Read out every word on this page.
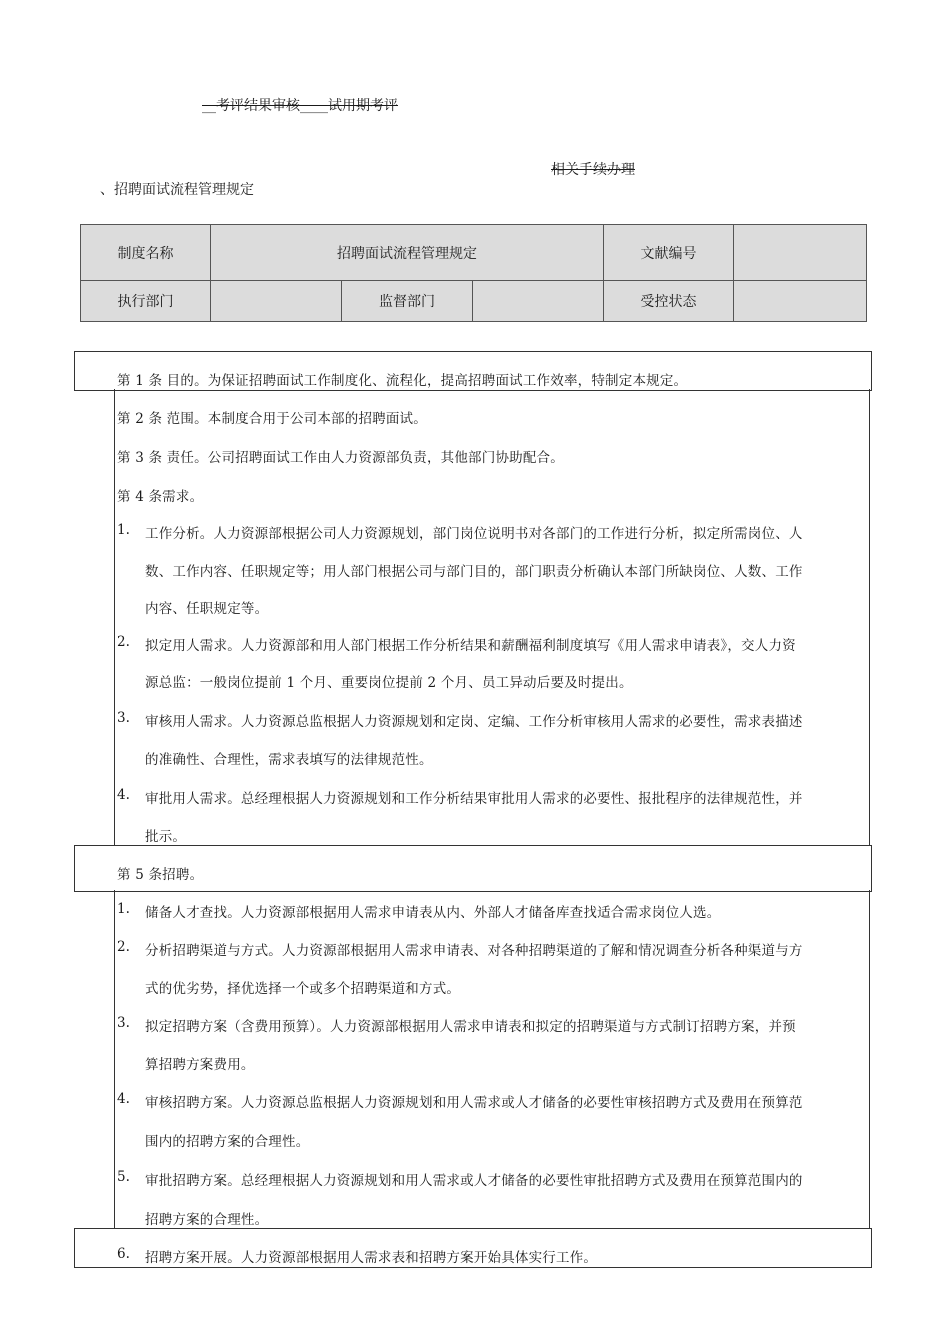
__考评结果审核____试用期考评
相关手续办理
、招聘面试流程管理规定
制度名称	招聘面试流程管理规定			文献编号	
执行部门		监督部门		受控状态	
第 1 条 目的。为保证招聘面试工作制度化、流程化，提高招聘面试工作效率，特制定本规定。
第 2 条 范围。本制度合用于公司本部的招聘面试。
第 3 条 责任。公司招聘面试工作由人力资源部负责，其他部门协助配合。
第 4 条需求。
1. 工作分析。人力资源部根据公司人力资源规划，部门岗位说明书对各部门的工作进行分析，拟定所需岗位、人
数、工作内容、任职规定等；用人部门根据公司与部门目的，部门职责分析确认本部门所缺岗位、人数、工作
内容、任职规定等。
2. 拟定用人需求。人力资源部和用人部门根据工作分析结果和薪酬福利制度填写《用人需求申请表》，交人力资
源总监：一般岗位提前 1 个月、重要岗位提前 2 个月、员工异动后要及时提出。
3. 审核用人需求。人力资源总监根据人力资源规划和定岗、定编、工作分析审核用人需求的必要性，需求表描述
的准确性、合理性，需求表填写的法律规范性。
4. 审批用人需求。总经理根据人力资源规划和工作分析结果审批用人需求的必要性、报批程序的法律规范性，并
批示。
第 5 条招聘。
1. 储备人才查找。人力资源部根据用人需求申请表从内、外部人才储备库查找适合需求岗位人选。
2. 分析招聘渠道与方式。人力资源部根据用人需求申请表、对各种招聘渠道的了解和情况调查分析各种渠道与方
式的优劣势，择优选择一个或多个招聘渠道和方式。
3. 拟定招聘方案（含费用预算）。人力资源部根据用人需求申请表和拟定的招聘渠道与方式制订招聘方案，并预
算招聘方案费用。
4. 审核招聘方案。人力资源总监根据人力资源规划和用人需求或人才储备的必要性审核招聘方式及费用在预算范
围内的招聘方案的合理性。
5. 审批招聘方案。总经理根据人力资源规划和用人需求或人才储备的必要性审批招聘方式及费用在预算范围内的
招聘方案的合理性。
6. 招聘方案开展。人力资源部根据用人需求表和招聘方案开始具体实行工作。
